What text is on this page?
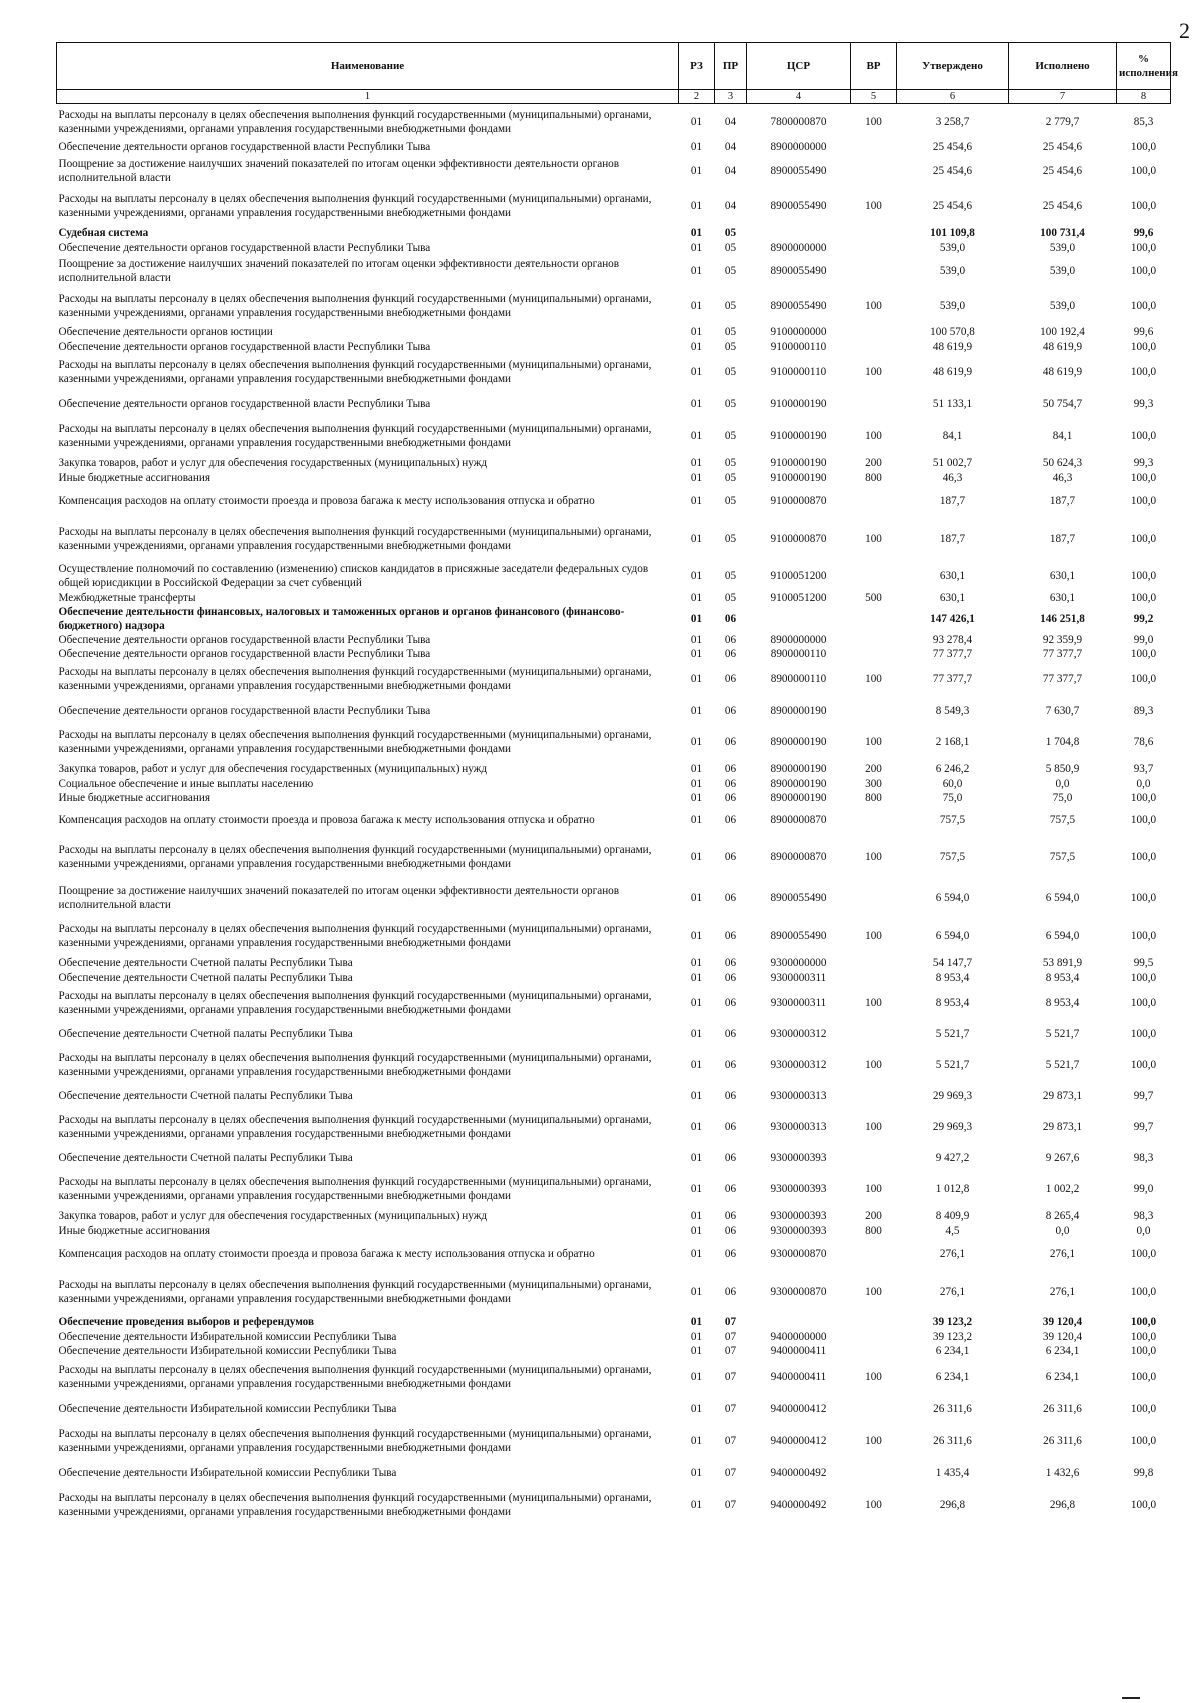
2
Наименование	РЗ	ПР	ЦСР	ВР	Утверждено	Исполнено	% исполнения
1	2	3	4	5	6	7	8
Расходы на выплаты персоналу в целях обеспечения выполнения функций государственными (муниципальными) органами, казенными учреждениями, органами управления государственными внебюджетными фондами	01	04	7800000870	100	3 258,7	2 779,7	85,3
Обеспечение деятельности органов государственной власти Республики Тыва	01	04	8900000000		25 454,6	25 454,6	100,0
Поощрение за достижение наилучших значений показателей по итогам оценки эффективности деятельности органов исполнительной власти	01	04	8900055490		25 454,6	25 454,6	100,0
Расходы на выплаты персоналу в целях обеспечения выполнения функций государственными (муниципальными) органами, казенными учреждениями, органами управления государственными внебюджетными фондами	01	04	8900055490	100	25 454,6	25 454,6	100,0
Судебная система	01	05			101 109,8	100 731,4	99,6
Обеспечение деятельности органов государственной власти Республики Тыва	01	05	8900000000		539,0	539,0	100,0
Поощрение за достижение наилучших значений показателей по итогам оценки эффективности деятельности органов исполнительной власти	01	05	8900055490		539,0	539,0	100,0
Расходы на выплаты персоналу в целях обеспечения выполнения функций государственными (муниципальными) органами, казенными учреждениями, органами управления государственными внебюджетными фондами	01	05	8900055490	100	539,0	539,0	100,0
Обеспечение деятельности органов юстиции	01	05	9100000000		100 570,8	100 192,4	99,6
Обеспечение деятельности органов государственной власти Республики Тыва	01	05	9100000110		48 619,9	48 619,9	100,0
Расходы на выплаты персоналу в целях обеспечения выполнения функций государственными (муниципальными) органами, казенными учреждениями, органами управления государственными внебюджетными фондами	01	05	9100000110	100	48 619,9	48 619,9	100,0
Обеспечение деятельности органов государственной власти Республики Тыва	01	05	9100000190		51 133,1	50 754,7	99,3
Расходы на выплаты персоналу в целях обеспечения выполнения функций государственными (муниципальными) органами, казенными учреждениями, органами управления государственными внебюджетными фондами	01	05	9100000190	100	84,1	84,1	100,0
Закупка товаров, работ и услуг для обеспечения государственных (муниципальных) нужд	01	05	9100000190	200	51 002,7	50 624,3	99,3
Иные бюджетные ассигнования	01	05	9100000190	800	46,3	46,3	100,0
Компенсация расходов на оплату стоимости проезда и провоза багажа к месту использования отпуска и обратно	01	05	9100000870		187,7	187,7	100,0
Расходы на выплаты персоналу в целях обеспечения выполнения функций государственными (муниципальными) органами, казенными учреждениями, органами управления государственными внебюджетными фондами	01	05	9100000870	100	187,7	187,7	100,0
Осуществление полномочий по составлению (изменению) списков кандидатов в присяжные заседатели федеральных судов общей юрисдикции в Российской Федерации за счет субвенций	01	05	9100051200		630,1	630,1	100,0
Межбюджетные трансферты	01	05	9100051200	500	630,1	630,1	100,0
Обеспечение деятельности финансовых, налоговых и таможенных органов и органов финансового (финансово-бюджетного) надзора	01	06			147 426,1	146 251,8	99,2
Обеспечение деятельности органов государственной власти Республики Тыва	01	06	8900000000		93 278,4	92 359,9	99,0
Обеспечение деятельности органов государственной власти Республики Тыва	01	06	8900000110		77 377,7	77 377,7	100,0
Расходы на выплаты персоналу в целях обеспечения выполнения функций государственными (муниципальными) органами, казенными учреждениями, органами управления государственными внебюджетными фондами	01	06	8900000110	100	77 377,7	77 377,7	100,0
Обеспечение деятельности органов государственной власти Республики Тыва	01	06	8900000190		8 549,3	7 630,7	89,3
Расходы на выплаты персоналу в целях обеспечения выполнения функций государственными (муниципальными) органами, казенными учреждениями, органами управления государственными внебюджетными фондами	01	06	8900000190	100	2 168,1	1 704,8	78,6
Закупка товаров, работ и услуг для обеспечения государственных (муниципальных) нужд	01	06	8900000190	200	6 246,2	5 850,9	93,7
Социальное обеспечение и иные выплаты населению	01	06	8900000190	300	60,0	0,0	0,0
Иные бюджетные ассигнования	01	06	8900000190	800	75,0	75,0	100,0
Компенсация расходов на оплату стоимости проезда и провоза багажа к месту использования отпуска и обратно	01	06	8900000870		757,5	757,5	100,0
Расходы на выплаты персоналу в целях обеспечения выполнения функций государственными (муниципальными) органами, казенными учреждениями, органами управления государственными внебюджетными фондами	01	06	8900000870	100	757,5	757,5	100,0
Поощрение за достижение наилучших значений показателей по итогам оценки эффективности деятельности органов исполнительной власти	01	06	8900055490		6 594,0	6 594,0	100,0
Расходы на выплаты персоналу в целях обеспечения выполнения функций государственными (муниципальными) органами, казенными учреждениями, органами управления государственными внебюджетными фондами	01	06	8900055490	100	6 594,0	6 594,0	100,0
Обеспечение деятельности Счетной палаты Республики Тыва	01	06	9300000000		54 147,7	53 891,9	99,5
Обеспечение деятельности Счетной палаты Республики Тыва	01	06	9300000311		8 953,4	8 953,4	100,0
Расходы на выплаты персоналу в целях обеспечения выполнения функций государственными (муниципальными) органами, казенными учреждениями, органами управления государственными внебюджетными фондами	01	06	9300000311	100	8 953,4	8 953,4	100,0
Обеспечение деятельности Счетной палаты Республики Тыва	01	06	9300000312		5 521,7	5 521,7	100,0
Расходы на выплаты персоналу в целях обеспечения выполнения функций государственными (муниципальными) органами, казенными учреждениями, органами управления государственными внебюджетными фондами	01	06	9300000312	100	5 521,7	5 521,7	100,0
Обеспечение деятельности Счетной палаты Республики Тыва	01	06	9300000313		29 969,3	29 873,1	99,7
Расходы на выплаты персоналу в целях обеспечения выполнения функций государственными (муниципальными) органами, казенными учреждениями, органами управления государственными внебюджетными фондами	01	06	9300000313	100	29 969,3	29 873,1	99,7
Обеспечение деятельности Счетной палаты Республики Тыва	01	06	9300000393		9 427,2	9 267,6	98,3
Расходы на выплаты персоналу в целях обеспечения выполнения функций государственными (муниципальными) органами, казенными учреждениями, органами управления государственными внебюджетными фондами	01	06	9300000393	100	1 012,8	1 002,2	99,0
Закупка товаров, работ и услуг для обеспечения государственных (муниципальных) нужд	01	06	9300000393	200	8 409,9	8 265,4	98,3
Иные бюджетные ассигнования	01	06	9300000393	800	4,5	0,0	0,0
Компенсация расходов на оплату стоимости проезда и провоза багажа к месту использования отпуска и обратно	01	06	9300000870		276,1	276,1	100,0
Расходы на выплаты персоналу в целях обеспечения выполнения функций государственными (муниципальными) органами, казенными учреждениями, органами управления государственными внебюджетными фондами	01	06	9300000870	100	276,1	276,1	100,0
Обеспечение проведения выборов и референдумов	01	07			39 123,2	39 120,4	100,0
Обеспечение деятельности Избирательной комиссии Республики Тыва	01	07	9400000000		39 123,2	39 120,4	100,0
Обеспечение деятельности Избирательной комиссии Республики Тыва	01	07	9400000411		6 234,1	6 234,1	100,0
Расходы на выплаты персоналу в целях обеспечения выполнения функций государственными (муниципальными) органами, казенными учреждениями, органами управления государственными внебюджетными фондами	01	07	9400000411	100	6 234,1	6 234,1	100,0
Обеспечение деятельности Избирательной комиссии Республики Тыва	01	07	9400000412		26 311,6	26 311,6	100,0
Расходы на выплаты персоналу в целях обеспечения выполнения функций государственными (муниципальными) органами, казенными учреждениями, органами управления государственными внебюджетными фондами	01	07	9400000412	100	26 311,6	26 311,6	100,0
Обеспечение деятельности Избирательной комиссии Республики Тыва	01	07	9400000492		1 435,4	1 432,6	99,8
Расходы на выплаты персоналу в целях обеспечения выполнения функций государственными (муниципальными) органами, казенными учреждениями, органами управления государственными внебюджетными фондами	01	07	9400000492	100	296,8	296,8	100,0
